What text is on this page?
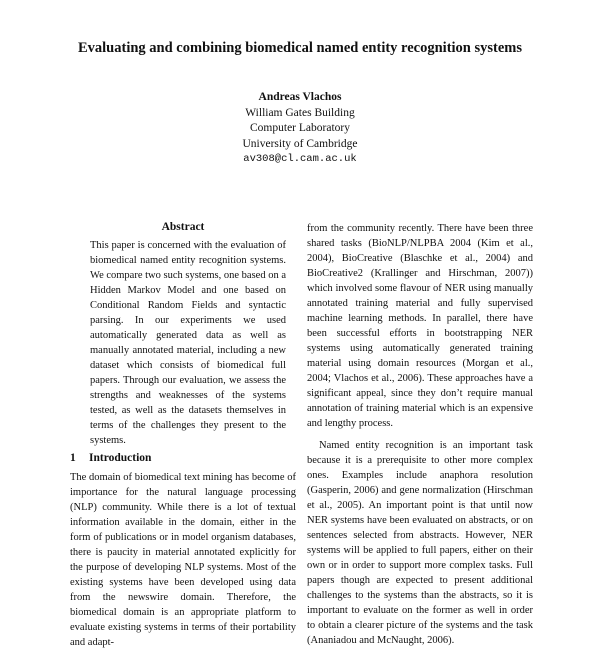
Evaluating and combining biomedical named entity recognition systems
Andreas Vlachos
William Gates Building
Computer Laboratory
University of Cambridge
av308@cl.cam.ac.uk
Abstract
This paper is concerned with the evaluation of biomedical named entity recognition systems. We compare two such systems, one based on a Hidden Markov Model and one based on Conditional Random Fields and syntactic parsing. In our experiments we used automatically generated data as well as manually annotated material, including a new dataset which consists of biomedical full papers. Through our evaluation, we assess the strengths and weaknesses of the systems tested, as well as the datasets themselves in terms of the challenges they present to the systems.
1 Introduction
The domain of biomedical text mining has become of importance for the natural language processing (NLP) community. While there is a lot of textual information available in the domain, either in the form of publications or in model organism databases, there is paucity in material annotated explicitly for the purpose of developing NLP systems. Most of the existing systems have been developed using data from the newswire domain. Therefore, the biomedical domain is an appropriate platform to evaluate existing systems in terms of their portability and adapt-
from the community recently. There have been three shared tasks (BioNLP/NLPBA 2004 (Kim et al., 2004), BioCreative (Blaschke et al., 2004) and BioCreative2 (Krallinger and Hirschman, 2007)) which involved some flavour of NER using manually annotated training material and fully supervised machine learning methods. In parallel, there have been successful efforts in bootstrapping NER systems using automatically generated training material using domain resources (Morgan et al., 2004; Vlachos et al., 2006). These approaches have a significant appeal, since they don’t require manual annotation of training material which is an expensive and lengthy process.
Named entity recognition is an important task because it is a prerequisite to other more complex ones. Examples include anaphora resolution (Gasperin, 2006) and gene normalization (Hirschman et al., 2005). An important point is that until now NER systems have been evaluated on abstracts, or on sentences selected from abstracts. However, NER systems will be applied to full papers, either on their own or in order to support more complex tasks. Full papers though are expected to present additional challenges to the systems than the abstracts, so it is important to evaluate on the former as well in order to obtain a clearer picture of the systems and the task (Ananiadou and McNaught, 2006).
